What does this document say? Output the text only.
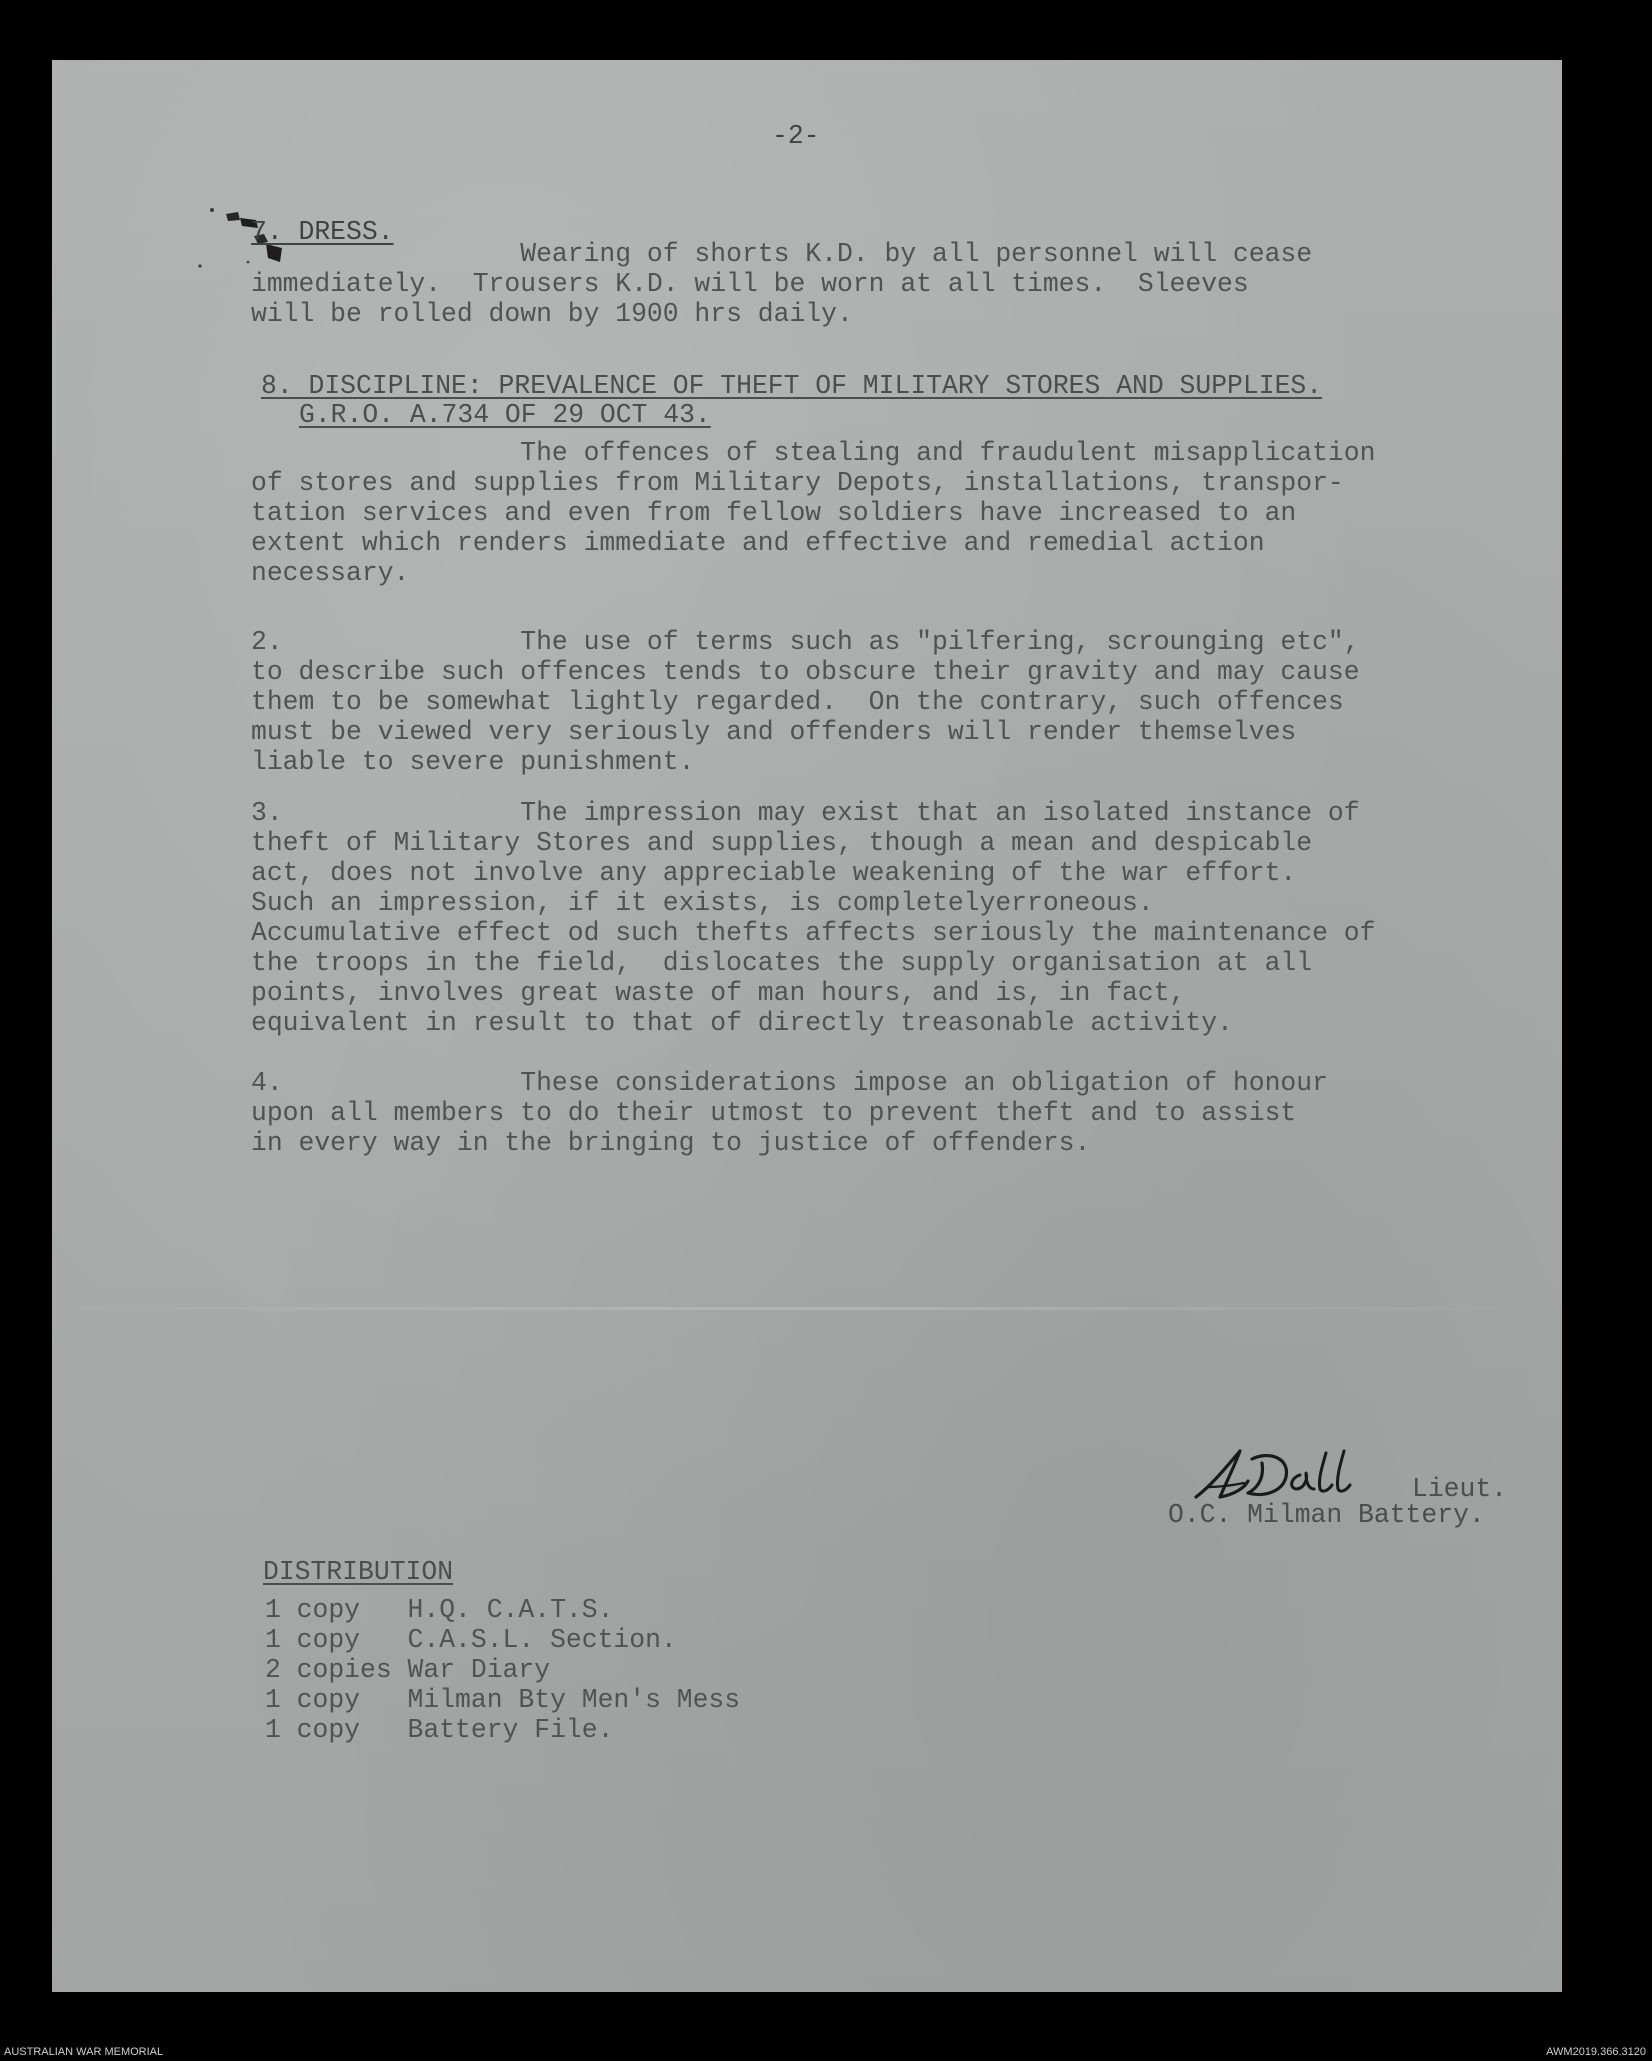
-2-

7. DRESS.

Wearing of shorts K.D. by all personnel will cease
immediately.  Trousers K.D. will be worn at all times.  Sleeves
will be rolled down by 1900 hrs daily.

8. DISCIPLINE: PREVALENCE OF THEFT OF MILITARY STORES AND SUPPLIES.

G.R.O. A.734 OF 29 OCT 43.

The offences of stealing and fraudulent misapplication
of stores and supplies from Military Depots, installations, transpor-
tation services and even from fellow soldiers have increased to an
extent which renders immediate and effective and remedial action
necessary.

2.               The use of terms such as "pilfering, scrounging etc",
to describe such offences tends to obscure their gravity and may cause
them to be somewhat lightly regarded.  On the contrary, such offences
must be viewed very seriously and offenders will render themselves
liable to severe punishment.

3.               The impression may exist that an isolated instance of
theft of Military Stores and supplies, though a mean and despicable
act, does not involve any appreciable weakening of the war effort.
Such an impression, if it exists, is completelyerroneous.
Accumulative effect od such thefts affects seriously the maintenance of
the troops in the field,  dislocates the supply organisation at all
points, involves great waste of man hours, and is, in fact,
equivalent in result to that of directly treasonable activity.

4.               These considerations impose an obligation of honour
upon all members to do their utmost to prevent theft and to assist
in every way in the bringing to justice of offenders.

Lieut.

O.C. Milman Battery.

DISTRIBUTION

1 copy   H.Q. C.A.T.S.
1 copy   C.A.S.L. Section.
2 copies War Diary
1 copy   Milman Bty Men's Mess
1 copy   Battery File.

AUSTRALIAN WAR MEMORIAL	AWM2019.366.3120
